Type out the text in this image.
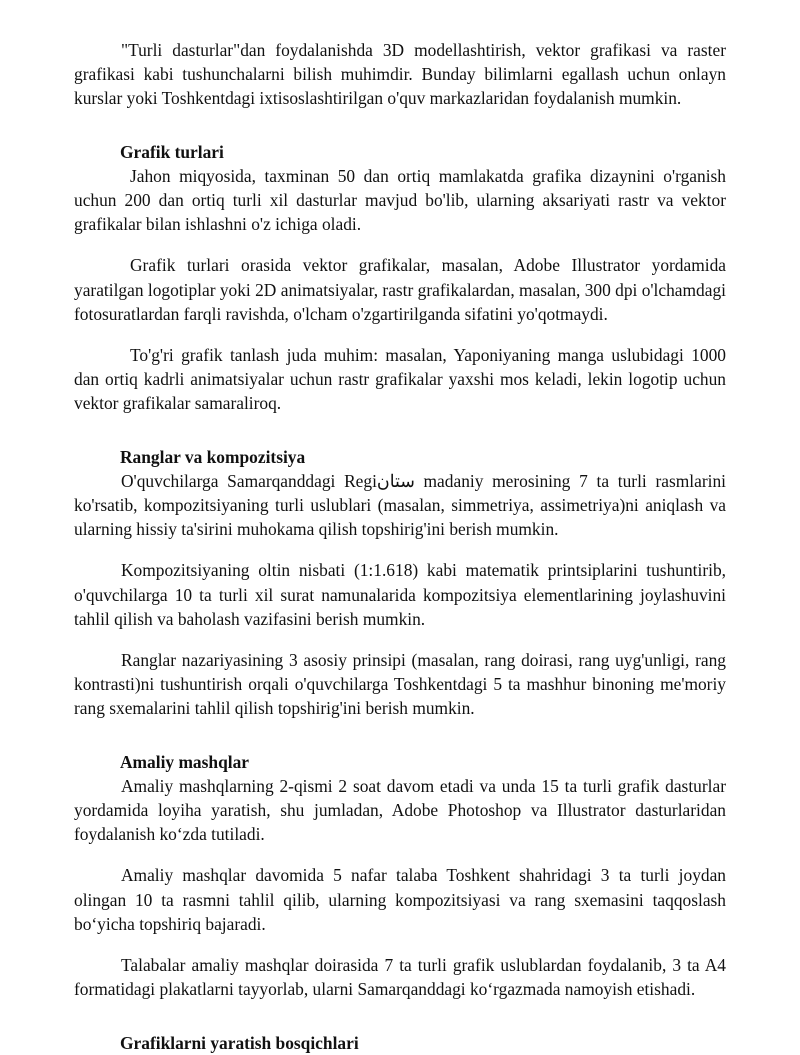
"Turli dasturlar"dan foydalanishda 3D modellashtirish, vektor grafikasi va raster grafikasi kabi tushunchalarni bilish muhimdir. Bunday bilimlarni egallash uchun onlayn kurslar yoki Toshkentdagi ixtisoslashtirilgan o'quv markazlaridan foydalanish mumkin.

Grafik turlari

Jahon miqyosida, taxminan 50 dan ortiq mamlakatda grafika dizaynini o'rganish uchun 200 dan ortiq turli xil dasturlar mavjud bo'lib, ularning aksariyati rastr va vektor grafikalar bilan ishlashni o'z ichiga oladi.

Grafik turlari orasida vektor grafikalar, masalan, Adobe Illustrator yordamida yaratilgan logotiplar yoki 2D animatsiyalar, rastr grafikalardan, masalan, 300 dpi o'lchamdagi fotosuratlardan farqli ravishda, o'lcham o'zgartirilganda sifatini yo'qotmaydi.

To'g'ri grafik tanlash juda muhim: masalan, Yaponiyaning manga uslubidagi 1000 dan ortiq kadrli animatsiyalar uchun rastr grafikalar yaxshi mos keladi, lekin logotip uchun vektor grafikalar samaraliroq.

Ranglar va kompozitsiya

O'quvchilarga Samarqanddagi Regiستان madaniy merosining 7 ta turli rasmlarini ko'rsatib, kompozitsiyaning turli uslublari (masalan, simmetriya, assimetriya)ni aniqlash va ularning hissiy ta'sirini muhokama qilish topshirig'ini berish mumkin.

Kompozitsiyaning oltin nisbati (1:1.618) kabi matematik printsiplarini tushuntirib, o'quvchilarga 10 ta turli xil surat namunalarida kompozitsiya elementlarining joylashuvini tahlil qilish va baholash vazifasini berish mumkin.

Ranglar nazariyasining 3 asosiy prinsipi (masalan, rang doirasi, rang uyg'unligi, rang kontrasti)ni tushuntirish orqali o'quvchilarga Toshkentdagi 5 ta mashhur binoning me'moriy rang sxemalarini tahlil qilish topshirig'ini berish mumkin.

Amaliy mashqlar

Amaliy mashqlarning 2-qismi 2 soat davom etadi va unda 15 ta turli grafik dasturlar yordamida loyiha yaratish, shu jumladan, Adobe Photoshop va Illustrator dasturlaridan foydalanish ko‘zda tutiladi.

Amaliy mashqlar davomida 5 nafar talaba Toshkent shahridagi 3 ta turli joydan olingan 10 ta rasmni tahlil qilib, ularning kompozitsiyasi va rang sxemasini taqqoslash bo‘yicha topshiriq bajaradi.

Talabalar amaliy mashqlar doirasida 7 ta turli grafik uslublardan foydalanib, 3 ta A4 formatidagi plakatlarni tayyorlab, ularni Samarqanddagi ko‘rgazmada namoyish etishadi.

Grafiklarni yaratish bosqichlari
